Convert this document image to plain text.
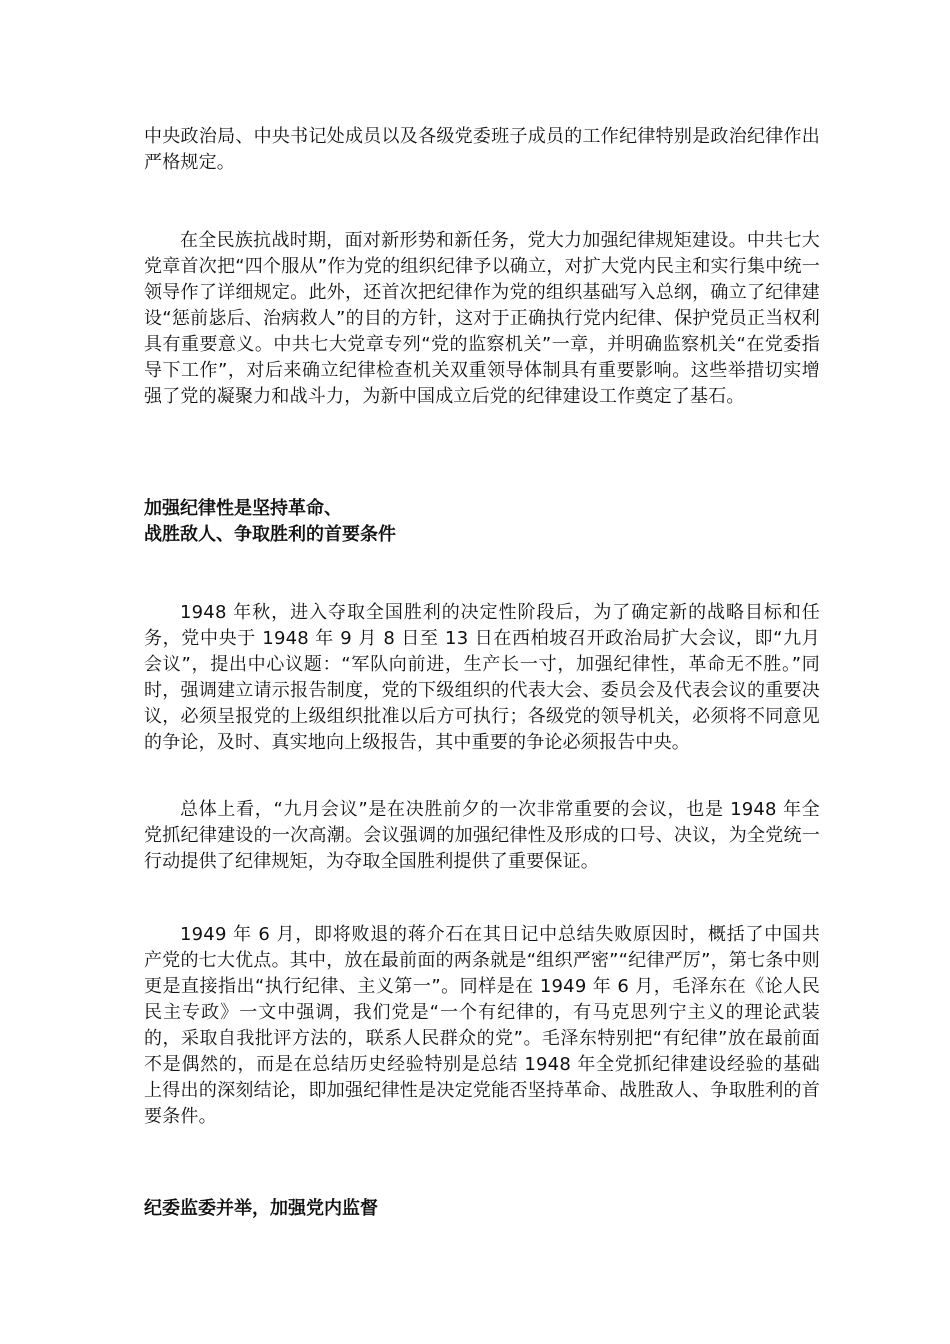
中央政治局、中央书记处成员以及各级党委班子成员的工作纪律特别是政治纪律作出严格规定。

在全民族抗战时期，面对新形势和新任务，党大力加强纪律规矩建设。中共七大党章首次把“四个服从”作为党的组织纪律予以确立，对扩大党内民主和实行集中统一领导作了详细规定。此外，还首次把纪律作为党的组织基础写入总纲，确立了纪律建设“惩前毖后、治病救人”的目的方针，这对于正确执行党内纪律、保护党员正当权利具有重要意义。中共七大党章专列“党的监察机关”一章，并明确监察机关“在党委指导下工作”，对后来确立纪律检查机关双重领导体制具有重要影响。这些举措切实增强了党的凝聚力和战斗力，为新中国成立后党的纪律建设工作奠定了基石。

加强纪律性是坚持革命、
战胜敌人、争取胜利的首要条件

1948 年秋，进入夺取全国胜利的决定性阶段后，为了确定新的战略目标和任务，党中央于 1948 年 9 月 8 日至 13 日在西柏坡召开政治局扩大会议，即“九月会议”，提出中心议题：“军队向前进，生产长一寸，加强纪律性，革命无不胜。”同时，强调建立请示报告制度，党的下级组织的代表大会、委员会及代表会议的重要决议，必须呈报党的上级组织批准以后方可执行；各级党的领导机关，必须将不同意见的争论，及时、真实地向上级报告，其中重要的争论必须报告中央。

总体上看，“九月会议”是在决胜前夕的一次非常重要的会议，也是 1948 年全党抓纪律建设的一次高潮。会议强调的加强纪律性及形成的口号、决议，为全党统一行动提供了纪律规矩，为夺取全国胜利提供了重要保证。

1949 年 6 月，即将败退的蒋介石在其日记中总结失败原因时，概括了中国共产党的七大优点。其中，放在最前面的两条就是“组织严密”“纪律严厉”，第七条中则更是直接指出“执行纪律、主义第一”。同样是在 1949 年 6 月，毛泽东在《论人民民主专政》一文中强调，我们党是“一个有纪律的，有马克思列宁主义的理论武装的，采取自我批评方法的，联系人民群众的党”。毛泽东特别把“有纪律”放在最前面不是偶然的，而是在总结历史经验特别是总结 1948 年全党抓纪律建设经验的基础上得出的深刻结论，即加强纪律性是决定党能否坚持革命、战胜敌人、争取胜利的首要条件。

纪委监委并举，加强党内监督
